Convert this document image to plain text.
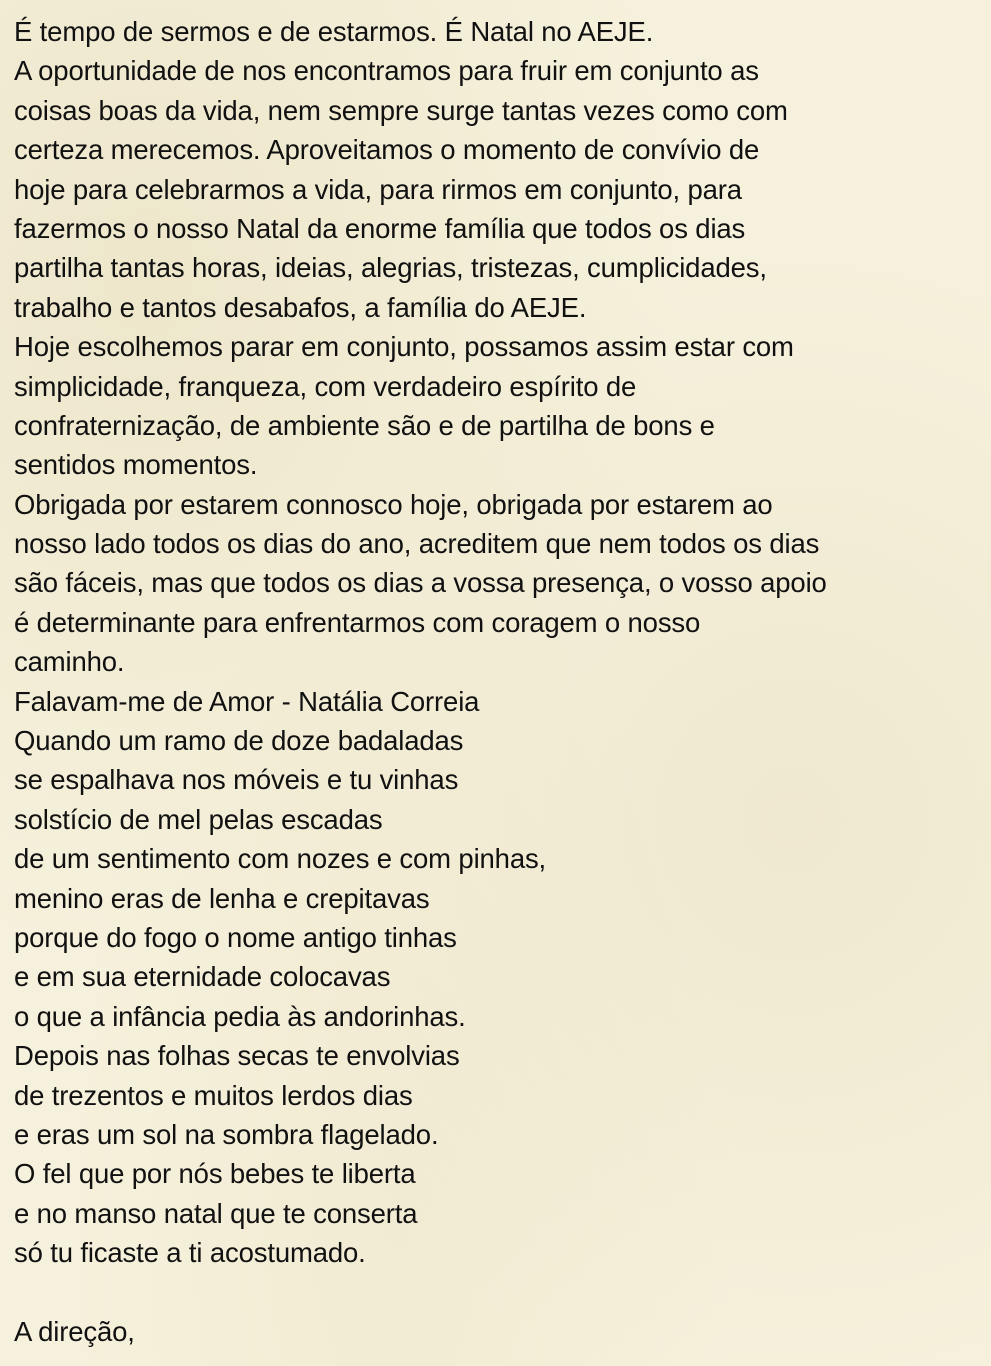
É tempo de sermos e de estarmos. É Natal no AEJE.
A oportunidade de nos encontramos para fruir em conjunto as
coisas boas da vida, nem sempre surge tantas vezes como com
certeza merecemos. Aproveitamos o momento de convívio de
hoje para celebrarmos a vida, para rirmos em conjunto, para
fazermos o nosso Natal da enorme família que todos os dias
partilha tantas horas, ideias, alegrias, tristezas, cumplicidades,
trabalho e tantos desabafos, a família do AEJE.
Hoje escolhemos parar em conjunto, possamos assim estar com
simplicidade, franqueza, com verdadeiro espírito de
confraternização, de ambiente são e de partilha de bons e
sentidos momentos.
Obrigada por estarem connosco hoje, obrigada por estarem ao
nosso lado todos os dias do ano, acreditem que nem todos os dias
são fáceis, mas que todos os dias a vossa presença, o vosso apoio
é determinante para enfrentarmos com coragem o nosso
caminho.
Falavam-me de Amor - Natália Correia
Quando um ramo de doze badaladas
se espalhava nos móveis e tu vinhas
solstício de mel pelas escadas
de um sentimento com nozes e com pinhas,
menino eras de lenha e crepitavas
porque do fogo o nome antigo tinhas
e em sua eternidade colocavas
o que a infância pedia às andorinhas.
Depois nas folhas secas te envolvias
de trezentos e muitos lerdos dias
e eras um sol na sombra flagelado.
O fel que por nós bebes te liberta
e no manso natal que te conserta
só tu ficaste a ti acostumado.
A direção,
